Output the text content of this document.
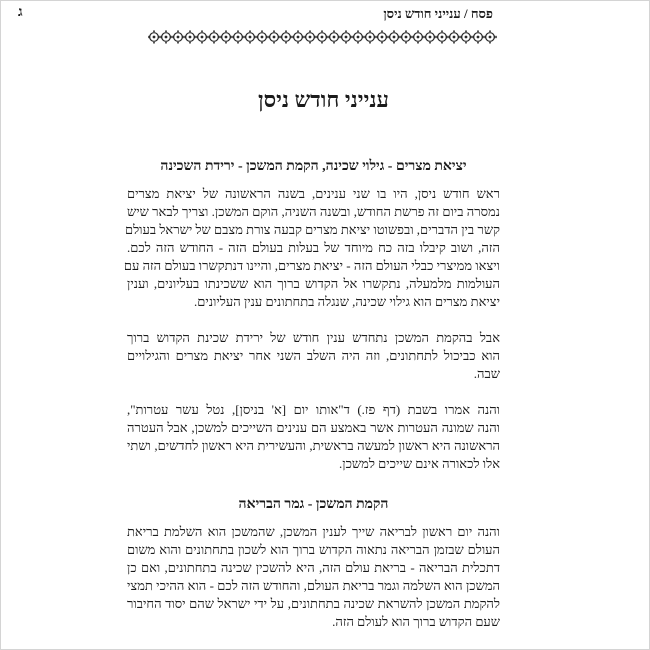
פסח / ענייני חודש ניסן
ג
ענייני חודש ניסן
יציאת מצרים - גילוי שכינה, הקמת המשכן - ירידת השכינה
ראש חודש ניסן, היו בו שני ענינים, בשנה הראשונה של יציאת מצרים
נמסרה ביום זה פרשת החודש, ובשנה השניה, הוקם המשכן. וצריך לבאר שיש
קשר בין הדברים, ובפשוטו יציאת מצרים קבעה צורת מצבם של ישראל בעולם
הזה, ושוב קיבלו בזה כח מיוחד של בעלות בעולם הזה - החודש הזה לכם.
ויצאו ממיצרי כבלי העולם הזה - יציאת מצרים, והיינו דנתקשרו בעולם הזה עם
העולמות מלמעלה, נתקשרו אל הקדוש ברוך הוא ששכינתו בעליונים, וענין
יציאת מצרים הוא גילוי שכינה, שנגלה בתחתונים ענין העליונים.
אבל בהקמת המשכן נתחדש ענין חודש של ירידת שכינת הקדוש ברוך
הוא כביכול לתחתונים, וזה היה השלב השני אחר יציאת מצרים והגילויים
שבה.
והנה אמרו בשבת (דף פז.) ד"אותו יום [א' בניסן], נטל עשר עטרות",
והנה שמונה העטרות אשר באמצע הם ענינים השייכים למשכן, אבל העטרה
הראשונה היא ראשון למעשה בראשית, והעשירית היא ראשון לחדשים, ושתי
אלו לכאורה אינם שייכים למשכן.
הקמת המשכן - גמר הבריאה
והנה יום ראשון לבריאה שייך לענין המשכן, שהמשכן הוא השלמת בריאת
העולם שבזמן הבריאה נתאוה הקדוש ברוך הוא לשכון בתחתונים והוא משום
דתכלית הבריאה - בריאת עולם הזה, היא להשכין שכינה בתחתונים, ואם כן
המשכן הוא השלמה וגמר בריאת העולם, והחודש הזה לכם - הוא ההיכי תמצי
להקמת המשכן להשראת שכינה בתחתונים, על ידי ישראל שהם יסוד החיבור
שעם הקדוש ברוך הוא לעולם הזה.
